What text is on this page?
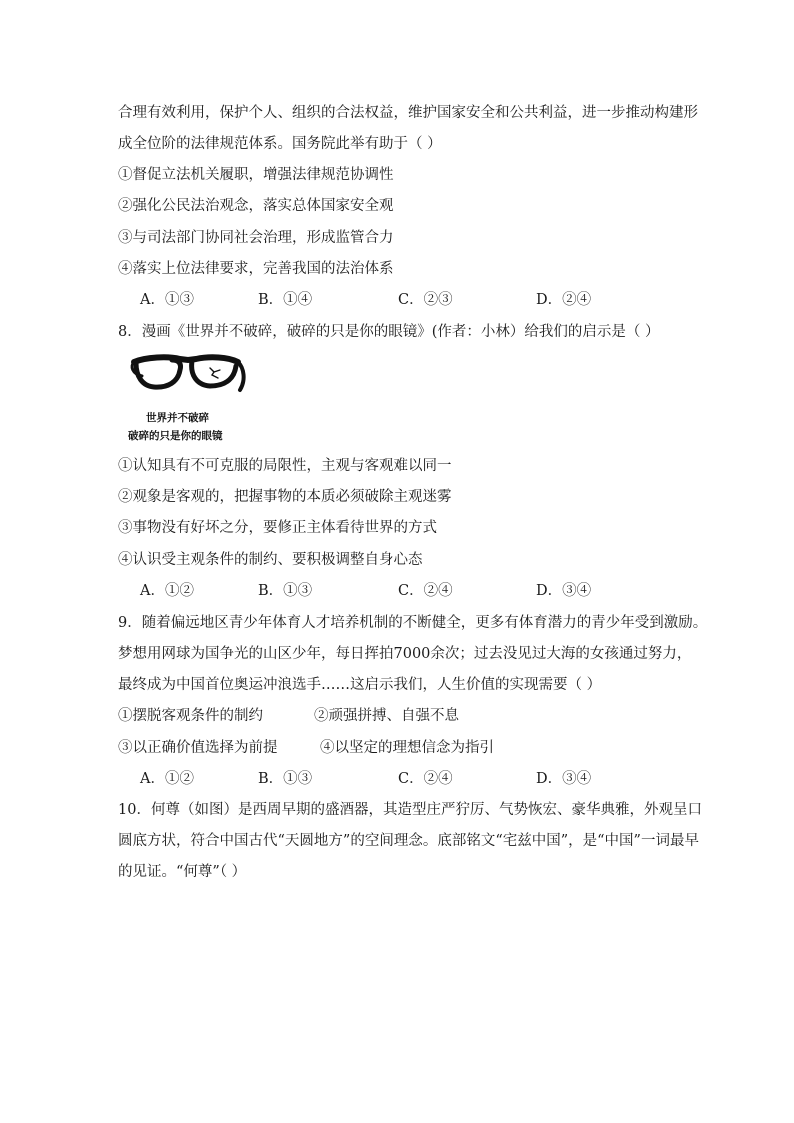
合理有效利用，保护个人、组织的合法权益，维护国家安全和公共利益，进一步推动构建形
成全位阶的法律规范体系。国务院此举有助于（ ）
①督促立法机关履职，增强法律规范协调性
②强化公民法治观念，落实总体国家安全观
③与司法部门协同社会治理，形成监管合力
④落实上位法律要求，完善我国的法治体系
A．①③	B．①④	C．②③	D．②④
8．漫画《世界并不破碎，破碎的只是你的眼镜》(作者：小林）给我们的启示是（ ）
世界并不破碎
破碎的只是你的眼镜
①认知具有不可克服的局限性，主观与客观难以同一
②观象是客观的，把握事物的本质必须破除主观迷雾
③事物没有好坏之分，要修正主体看待世界的方式
④认识受主观条件的制约、要积极调整自身心态
A．①②	B．①③	C．②④	D．③④
9．随着偏远地区青少年体育人才培养机制的不断健全，更多有体育潜力的青少年受到激励。
梦想用网球为国争光的山区少年，每日挥拍7000余次；过去没见过大海的女孩通过努力，
最终成为中国首位奥运冲浪选手……这启示我们，人生价值的实现需要（ ）
①摆脱客观条件的制约	②顽强拼搏、自强不息
③以正确价值选择为前提	④以坚定的理想信念为指引
A．①②	B．①③	C．②④	D．③④
10．何尊（如图）是西周早期的盛酒器，其造型庄严狞厉、气势恢宏、豪华典雅，外观呈口
圆底方状，符合中国古代“天圆地方”的空间理念。底部铭文“宅兹中国”，是“中国”一词最早
的见证。“何尊”（ ）
